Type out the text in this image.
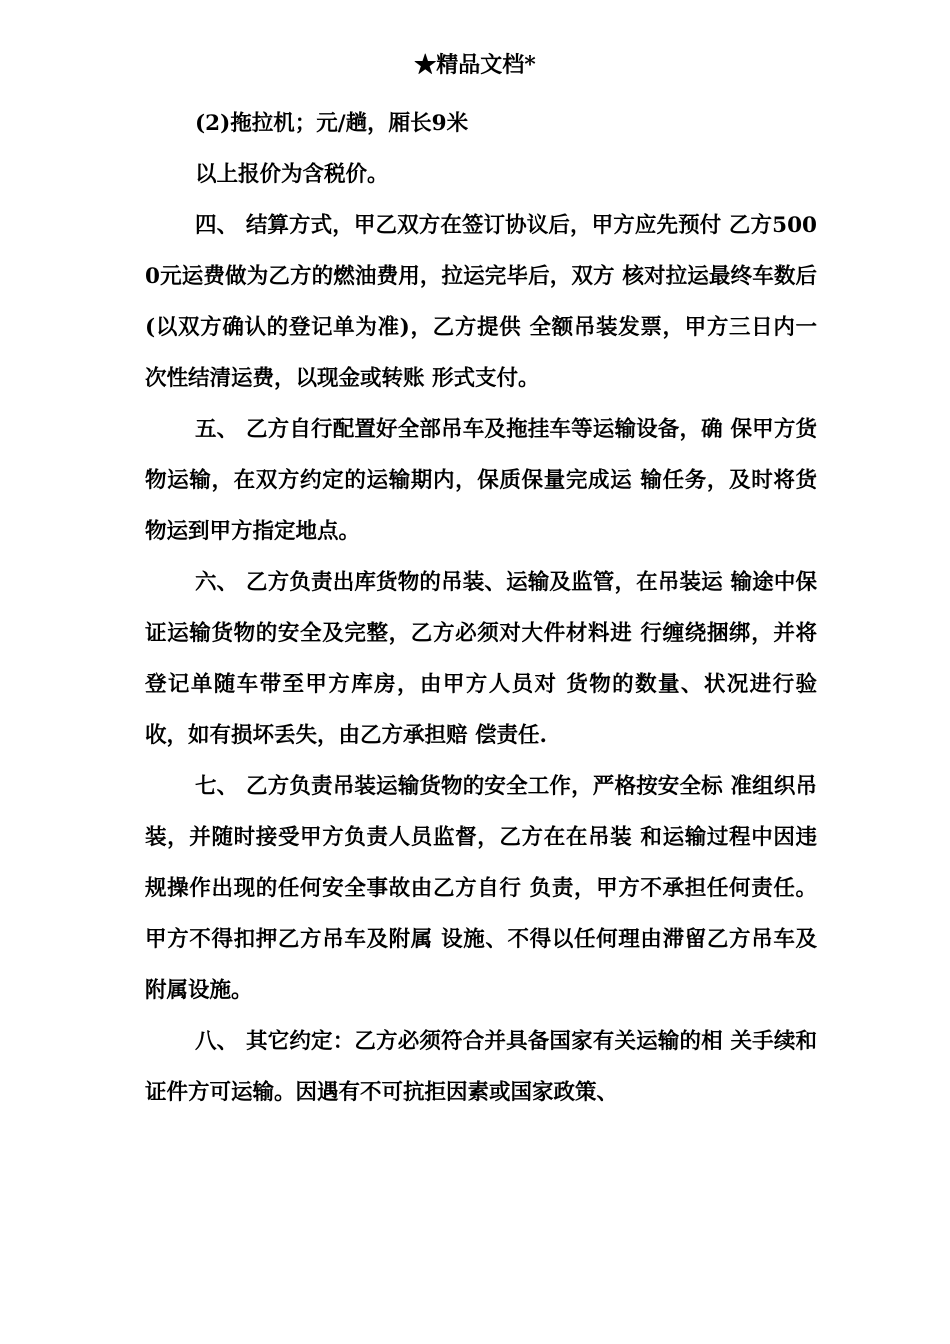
★精品文档*

(2)拖拉机；元/趟，厢长9米

以上报价为含税价。

四、 结算方式，甲乙双方在签订协议后，甲方应先预付 乙方5000元运费做为乙方的燃油费用，拉运完毕后，双方 核对拉运最终车数后(以双方确认的登记单为准)，乙方提供 全额吊装发票，甲方三日内一次性结清运费，以现金或转账 形式支付。

五、 乙方自行配置好全部吊车及拖挂车等运输设备，确 保甲方货物运输，在双方约定的运输期内，保质保量完成运 输任务，及时将货物运到甲方指定地点。

六、 乙方负责出库货物的吊装、运输及监管，在吊装运 输途中保证运输货物的安全及完整，乙方必须对大件材料进 行缠绕捆绑，并将登记单随车带至甲方库房，由甲方人员对 货物的数量、状况进行验收，如有损坏丢失，由乙方承担赔 偿责任.

七、 乙方负责吊装运输货物的安全工作，严格按安全标 准组织吊装，并随时接受甲方负责人员监督，乙方在在吊装 和运输过程中因违规操作出现的任何安全事故由乙方自行 负责，甲方不承担任何责任。甲方不得扣押乙方吊车及附属 设施、不得以任何理由滞留乙方吊车及附属设施。

八、 其它约定：乙方必须符合并具备国家有关运输的相 关手续和证件方可运输。因遇有不可抗拒因素或国家政策、
